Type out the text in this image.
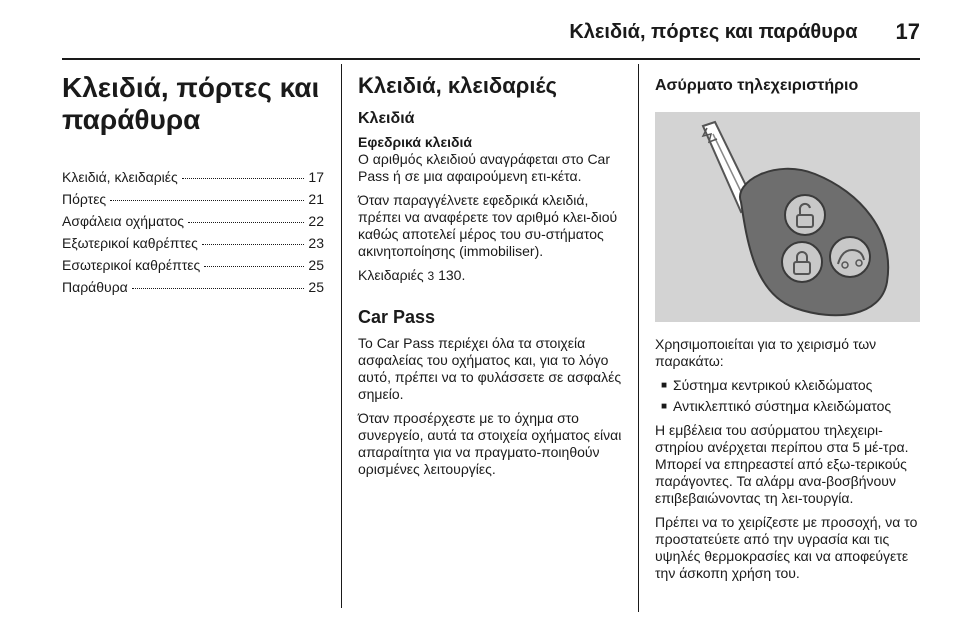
Κλειδιά, πόρτες και παράθυρα 17
Κλειδιά, πόρτες και παράθυρα
Κλειδιά, κλειδαριές	17
Πόρτες	21
Ασφάλεια οχήματος	22
Εξωτερικοί καθρέπτες	23
Εσωτερικοί καθρέπτες	25
Παράθυρα	25
Κλειδιά, κλειδαριές
Κλειδιά
Εφεδρικά κλειδιά

Ο αριθμός κλειδιού αναγράφεται στο Car Pass ή σε μια αφαιρούμενη ετι-κέτα.

Όταν παραγγέλνετε εφεδρικά κλειδιά, πρέπει να αναφέρετε τον αριθμό κλει-διού καθώς αποτελεί μέρος του συ-στήματος ακινητοποίησης (immobiliser).

Κλειδαριές 3 130.

Car Pass

Το Car Pass περιέχει όλα τα στοιχεία ασφαλείας του οχήματος και, για το λόγο αυτό, πρέπει να το φυλάσσετε σε ασφαλές σημείο.

Όταν προσέρχεστε με το όχημα στο συνεργείο, αυτά τα στοιχεία οχήματος είναι απαραίτητα για να πραγματο-ποιηθούν ορισμένες λειτουργίες.

Ασύρματο τηλεχειριστήριο

Χρησιμοποιείται για το χειρισμό των παρακάτω:

■ Σύστημα κεντρικού κλειδώματος
■ Αντικλεπτικό σύστημα κλειδώματος

Η εμβέλεια του ασύρματου τηλεχειρι-στηρίου ανέρχεται περίπου στα 5 μέ-τρα. Μπορεί να επηρεαστεί από εξω-τερικούς παράγοντες. Τα αλάρμ ανα-βοσβήνουν επιβεβαιώνοντας τη λει-τουργία.

Πρέπει να το χειρίζεστε με προσοχή, να το προστατεύετε από την υγρασία και τις υψηλές θερμοκρασίες και να αποφεύγετε την άσκοπη χρήση του.
